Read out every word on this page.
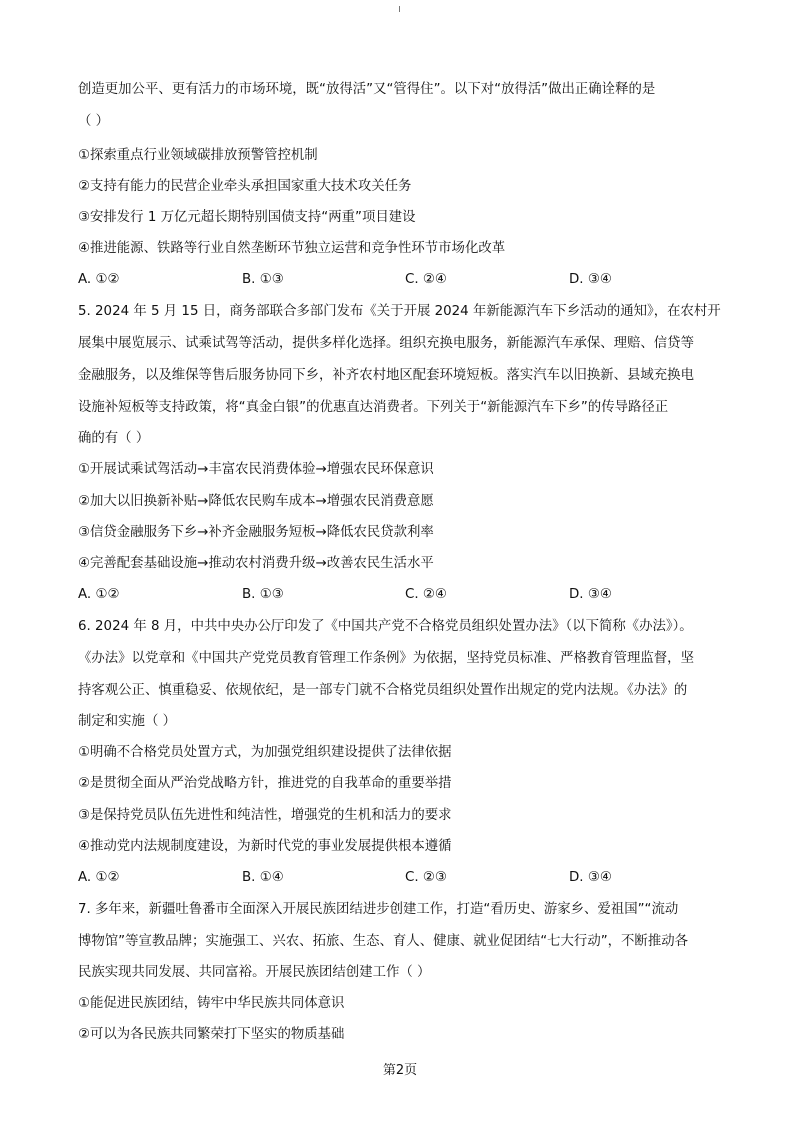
创造更加公平、更有活力的市场环境，既“放得活”又“管得住”。以下对“放得活”做出正确诠释的是
（ ）
①探索重点行业领域碳排放预警管控机制
②支持有能力的民营企业牵头承担国家重大技术攻关任务
③安排发行 1 万亿元超长期特别国债支持“两重”项目建设
④推进能源、铁路等行业自然垄断环节独立运营和竞争性环节市场化改革
A. ①②	B. ①③	C. ②④	D. ③④
5. 2024 年 5 月 15 日，商务部联合多部门发布《关于开展 2024 年新能源汽车下乡活动的通知》，在农村开
展集中展览展示、试乘试驾等活动，提供多样化选择。组织充换电服务，新能源汽车承保、理赔、信贷等
金融服务，以及维保等售后服务协同下乡，补齐农村地区配套环境短板。落实汽车以旧换新、县域充换电
设施补短板等支持政策，将“真金白银”的优惠直达消费者。下列关于“新能源汽车下乡”的传导路径正
确的有（ ）
①开展试乘试驾活动→丰富农民消费体验→增强农民环保意识
②加大以旧换新补贴→降低农民购车成本→增强农民消费意愿
③信贷金融服务下乡→补齐金融服务短板→降低农民贷款利率
④完善配套基础设施→推动农村消费升级→改善农民生活水平
A. ①②	B. ①③	C. ②④	D. ③④
6. 2024 年 8 月，中共中央办公厅印发了《中国共产党不合格党员组织处置办法》（以下简称《办法》）。
《办法》以党章和《中国共产党党员教育管理工作条例》为依据，坚持党员标准、严格教育管理监督，坚
持客观公正、慎重稳妥、依规依纪，是一部专门就不合格党员组织处置作出规定的党内法规。《办法》的
制定和实施（ ）
①明确不合格党员处置方式，为加强党组织建设提供了法律依据
②是贯彻全面从严治党战略方针，推进党的自我革命的重要举措
③是保持党员队伍先进性和纯洁性，增强党的生机和活力的要求
④推动党内法规制度建设，为新时代党的事业发展提供根本遵循
A. ①②	B. ①④	C. ②③	D. ③④
7. 多年来，新疆吐鲁番市全面深入开展民族团结进步创建工作，打造“看历史、游家乡、爱祖国”“流动
博物馆”等宣教品牌；实施强工、兴农、拓旅、生态、育人、健康、就业促团结“七大行动”，不断推动各
民族实现共同发展、共同富裕。开展民族团结创建工作（ ）
①能促进民族团结，铸牢中华民族共同体意识
②可以为各民族共同繁荣打下坚实的物质基础
第2页
